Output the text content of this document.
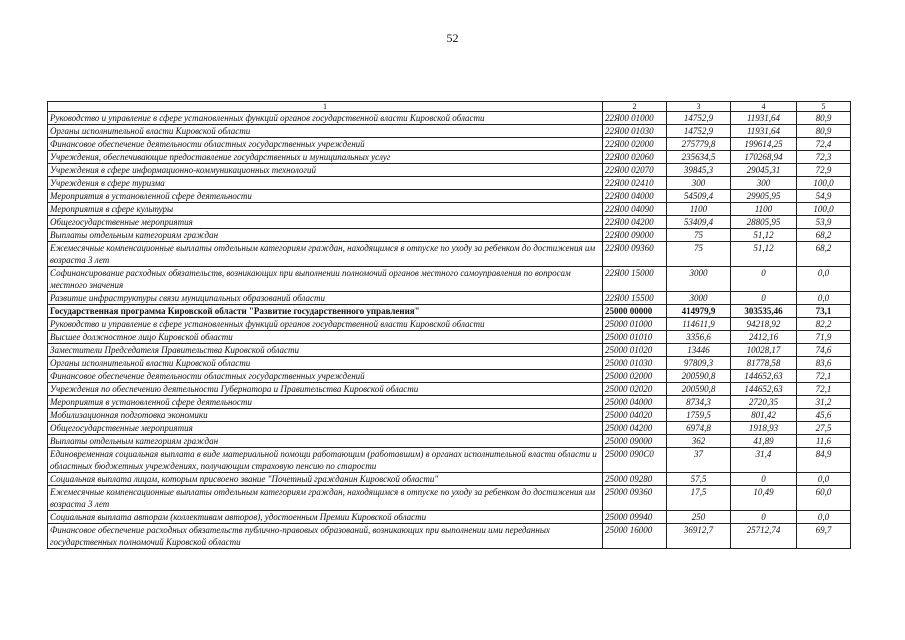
52
1	2	3	4	5
Руководство и управление в сфере установленных функций органов государственной власти Кировской области	22Я00 01000	14752,9	11931,64	80,9
Органы исполнительной власти Кировской области	22Я00 01030	14752,9	11931,64	80,9
Финансовое обеспечение деятельности областных государственных учреждений	22Я00 02000	275779,8	199614,25	72,4
Учреждения, обеспечивающие предоставление государственных и муниципальных услуг	22Я00 02060	235634,5	170268,94	72,3
Учреждения в сфере информационно-коммуникационных технологий	22Я00 02070	39845,3	29045,31	72,9
Учреждения в сфере туризма	22Я00 02410	300	300	100,0
Мероприятия в установленной сфере деятельности	22Я00 04000	54509,4	29905,95	54,9
Мероприятия в сфере культуры	22Я00 04090	1100	1100	100,0
Общегосударственные мероприятия	22Я00 04200	53409,4	28805,95	53,9
Выплаты отдельным категориям граждан	22Я00 09000	75	51,12	68,2
Ежемесячные компенсационные выплаты отдельным категориям граждан, находящимся в отпуске по уходу за ребенком до достижения им возраста 3 лет	22Я00 09360	75	51,12	68,2
Софинансирование расходных обязательств, возникающих при выполнении полномочий органов местного самоуправления по вопросам местного значения	22Я00 15000	3000	0	0,0
Развитие инфраструктуры связи муниципальных образований области	22Я00 15500	3000	0	0,0
Государственная программа Кировской области "Развитие государственного управления"	25000 00000	414979,9	303535,46	73,1
Руководство и управление в сфере установленных функций органов государственной власти Кировской области	25000 01000	114611,9	94218,92	82,2
Высшее должностное лицо Кировской области	25000 01010	3356,6	2412,16	71,9
Заместители Председателя Правительства Кировской области	25000 01020	13446	10028,17	74,6
Органы исполнительной власти Кировской области	25000 01030	97809,3	81778,58	83,6
Финансовое обеспечение деятельности областных государственных учреждений	25000 02000	200590,8	144652,63	72,1
Учреждения по обеспечению деятельности Губернатора и Правительства Кировской области	25000 02020	200590,8	144652,63	72,1
Мероприятия в установленной сфере деятельности	25000 04000	8734,3	2720,35	31,2
Мобилизационная подготовка экономики	25000 04020	1759,5	801,42	45,6
Общегосударственные мероприятия	25000 04200	6974,8	1918,93	27,5
Выплаты отдельным категориям граждан	25000 09000	362	41,89	11,6
Единовременная социальная выплата в виде материальной помощи работающим (работавшим) в органах исполнительной власти области и областных бюджетных учреждениях, получающим страховую пенсию по старости	25000 090С0	37	31,4	84,9
Социальная выплата лицам, которым присвоено звание "Почетный гражданин Кировской области"	25000 09280	57,5	0	0,0
Ежемесячные компенсационные выплаты отдельным категориям граждан, находящимся в отпуске по уходу за ребенком до достижения им возраста 3 лет	25000 09360	17,5	10,49	60,0
Социальная выплата авторам (коллективам авторов), удостоенным Премии Кировской области	25000 09940	250	0	0,0
Финансовое обеспечение расходных обязательств публично-правовых образований, возникающих при выполнении ими переданных государственных полномочий Кировской области	25000 16000	36912,7	25712,74	69,7
